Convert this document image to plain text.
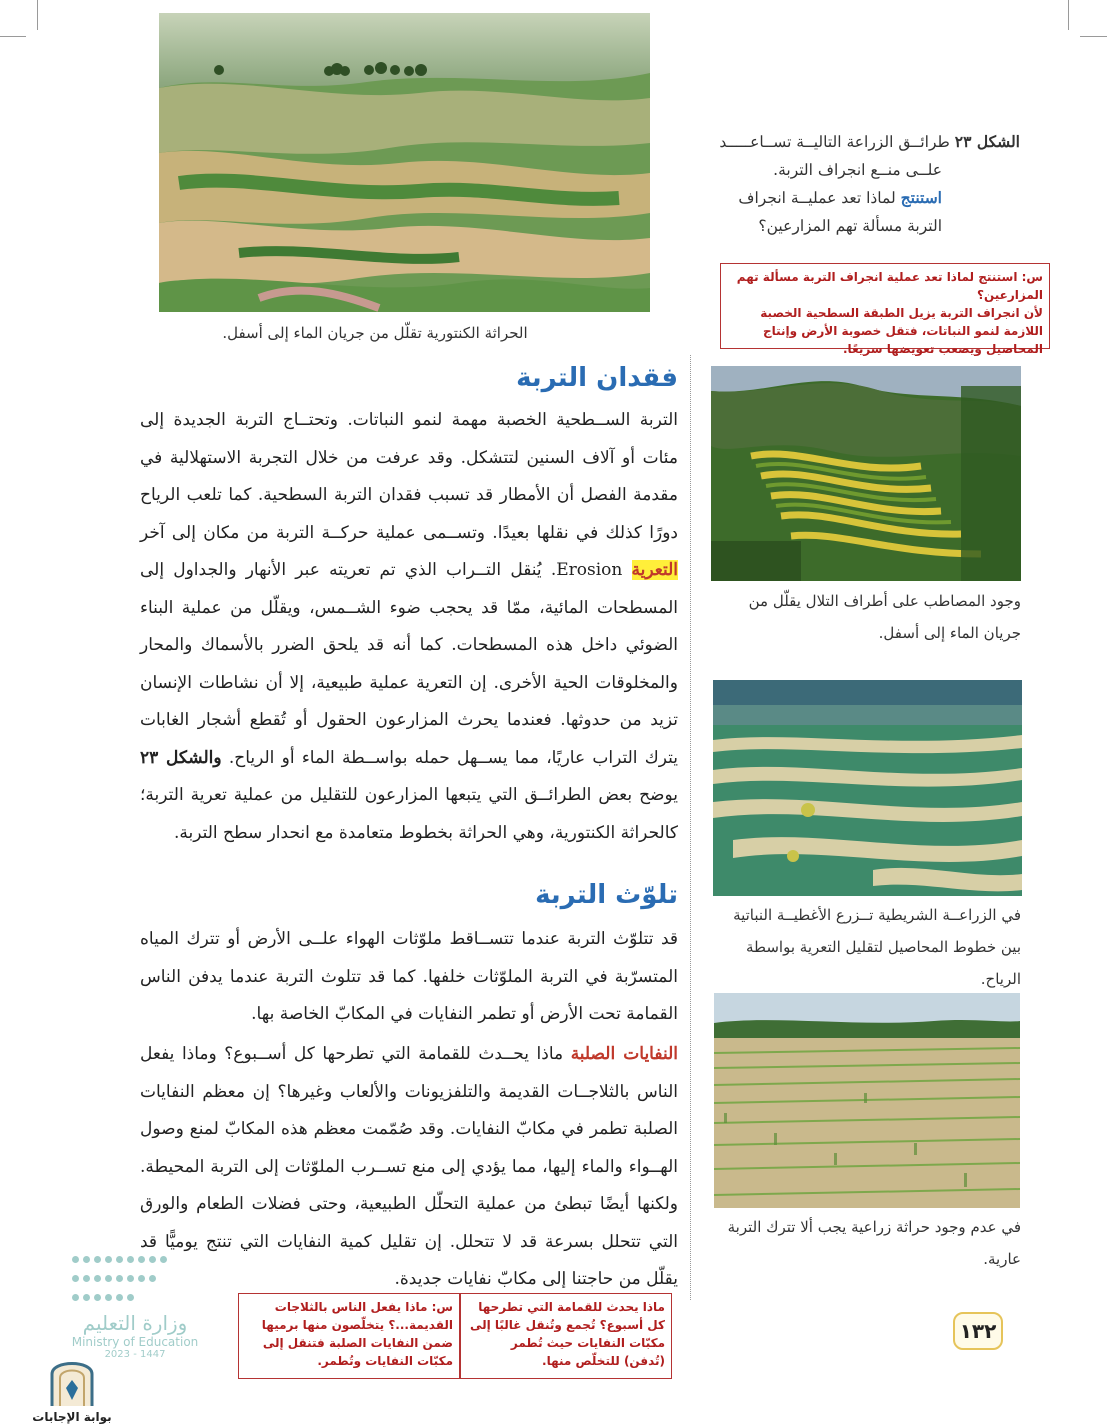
الحراثة الكنتورية تقلّل من جريان الماء إلى أسفل.
الشكل ٢٣ طرائــق الزراعة التاليــة تســاعـــــد
علــى منــع انجراف التربة.
استنتج لماذا تعد عمليــة انجراف
التربة مسألة تهم المزارعين؟
س: استنتج لماذا تعد عملية انجراف التربة مسألة تهم المزارعين؟
لأن انجراف التربة يزيل الطبقة السطحية الخصبة اللازمة لنمو النباتات، فتقل خصوبة الأرض وإنتاج المحاصيل ويصعب تعويضها سريعًا.
وجود المصاطب على أطراف التلال يقلّل من جريان الماء إلى أسفل.
في الزراعــة الشريطية تــزرع الأغطيــة النباتية بين خطوط المحاصيل لتقليل التعرية بواسطة الرياح.
في عدم وجود حراثة زراعية يجب ألا تترك التربة عارية.
فقدان التربة
التربة الســطحية الخصبة مهمة لنمو النباتات. وتحتــاج التربة الجديدة إلى مئات أو آلاف السنين لتتشكل. وقد عرفت من خلال التجربة الاستهلالية في مقدمة الفصل أن الأمطار قد تسبب فقدان التربة السطحية. كما تلعب الرياح دورًا كذلك في نقلها بعيدًا. وتســمى عملية حركــة التربة من مكان إلى آخر التعرية Erosion. يُنقل التــراب الذي تم تعريته عبر الأنهار والجداول إلى المسطحات المائية، ممّا قد يحجب ضوء الشــمس، ويقلّل من عملية البناء الضوئي داخل هذه المسطحات. كما أنه قد يلحق الضرر بالأسماك والمحار والمخلوقات الحية الأخرى. إن التعرية عملية طبيعية، إلا أن نشاطات الإنسان تزيد من حدوثها. فعندما يحرث المزارعون الحقول أو تُقطع أشجار الغابات يترك التراب عاريًا، مما يســهل حمله بواســطة الماء أو الرياح. والشكل ٢٣ يوضح بعض الطرائــق التي يتبعها المزارعون للتقليل من عملية تعرية التربة؛ كالحراثة الكنتورية، وهي الحراثة بخطوط متعامدة مع انحدار سطح التربة.
تلوّث التربة
قد تتلوّث التربة عندما تتســاقط ملوّثات الهواء علــى الأرض أو تترك المياه المتسرّبة في التربة الملوّثات خلفها. كما قد تتلوث التربة عندما يدفن الناس القمامة تحت الأرض أو تطمر النفايات في المكابّ الخاصة بها.
النفايات الصلبة ماذا يحــدث للقمامة التي تطرحها كل أســبوع؟ وماذا يفعل الناس بالثلاجــات القديمة والتلفزيونات والألعاب وغيرها؟ إن معظم النفايات الصلبة تطمر في مكابّ النفايات. وقد صُمّمت معظم هذه المكابّ لمنع وصول الهــواء والماء إليها، مما يؤدي إلى منع تســرب الملوّثات إلى التربة المحيطة. ولكنها أيضًا تبطئ من عملية التحلّل الطبيعية، وحتى فضلات الطعام والورق التي تتحلل بسرعة قد لا تتحلل. إن تقليل كمية النفايات التي تنتج يوميًّا قد يقلّل من حاجتنا إلى مكابّ نفايات جديدة.
ماذا يحدث للقمامة التي تطرحها كل أسبوع؟ تُجمع وتُنقل غالبًا إلى مكبّات النفايات حيث تُطمر (تُدفن) للتخلّص منها.
س: ماذا يفعل الناس بالثلاجات القديمة...؟ يتخلّصون منها برميها ضمن النفايات الصلبة فتنقل إلى مكبّات النفايات وتُطمر.
١٣٢

وزارة التعليم
Ministry of Education
2023 - 1447
بوابة الإجابات
